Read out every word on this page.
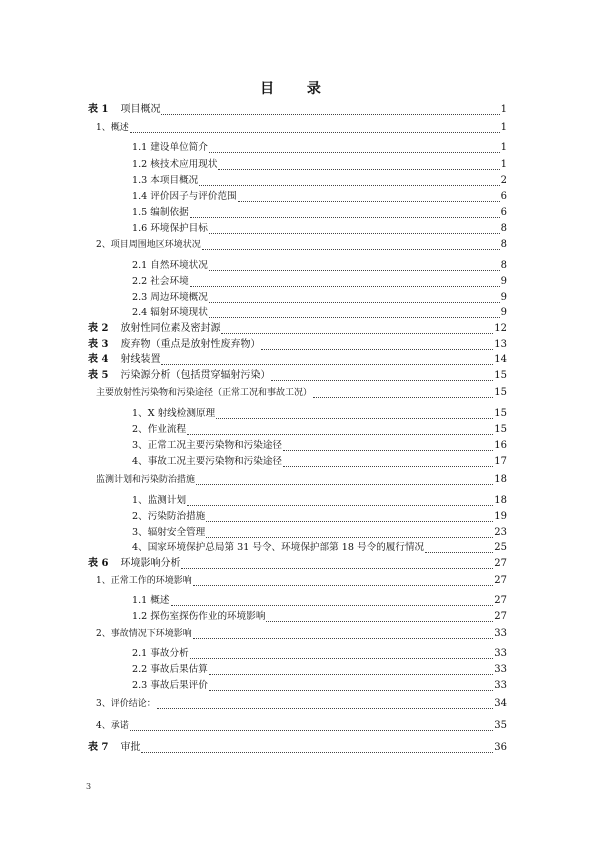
目 录
表 1 项目概况	1
1、概述	1
1.1 建设单位简介	1
1.2 核技术应用现状	1
1.3 本项目概况	2
1.4 评价因子与评价范围	6
1.5 编制依据	6
1.6 环境保护目标	8
2、项目周围地区环境状况	8
2.1 自然环境状况	8
2.2 社会环境	9
2.3 周边环境概况	9
2.4 辐射环境现状	9
表 2 放射性同位素及密封源	12
表 3 废弃物（重点是放射性废弃物）	13
表 4 射线装置	14
表 5 污染源分析（包括贯穿辐射污染）	15
主要放射性污染物和污染途径（正常工况和事故工况）	15
1、X 射线检测原理	15
2、作业流程	15
3、正常工况主要污染物和污染途径	16
4、事故工况主要污染物和污染途径	17
监测计划和污染防治措施	18
1、监测计划	18
2、污染防治措施	19
3、辐射安全管理	23
4、国家环境保护总局第 31 号令、环境保护部第 18 号令的履行情况	25
表 6 环境影响分析	27
1、正常工作的环境影响	27
1.1 概述	27
1.2 探伤室探伤作业的环境影响	27
2、事故情况下环境影响	33
2.1 事故分析	33
2.2 事故后果估算	33
2.3 事故后果评价	33
3、评价结论：	34
4、承诺	35
表 7 审批	36
3
